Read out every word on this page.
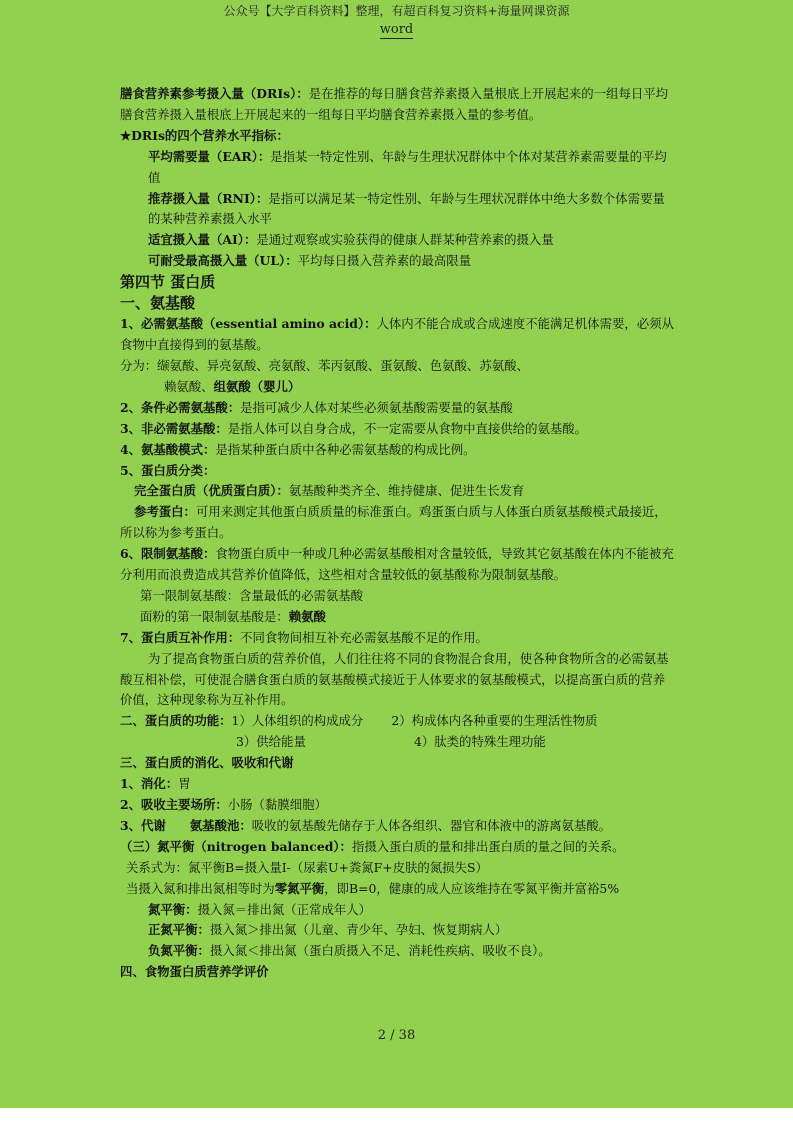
公众号【大学百科资料】整理，有超百科复习资料+海量网课资源
word

膳食营养素参考摄入量（DRIs）：是在推荐的每日膳食营养素摄入量根底上开展起来的一组每日平均膳食营养摄入量根底上开展起来的一组每日平均膳食营养素摄入量的参考值。

★DRIs的四个营养水平指标：

平均需要量（EAR）：是指某一特定性别、年龄与生理状况群体中个体对某营养素需要量的平均值

推荐摄入量（RNI）：是指可以满足某一特定性别、年龄与生理状况群体中绝大多数个体需要量的某种营养素摄入水平

适宜摄入量（AI）：是通过观察或实验获得的健康人群某种营养素的摄入量

可耐受最高摄入量（UL）：平均每日摄入营养素的最高限量

第四节 蛋白质

一、氨基酸

1、必需氨基酸（essential amino acid）：人体内不能合成或合成速度不能满足机体需要，必须从食物中直接得到的氨基酸。

分为：缬氨酸、异亮氨酸、亮氨酸、苯丙氨酸、蛋氨酸、色氨酸、苏氨酸、

赖氨酸、组氨酸（婴儿）

2、条件必需氨基酸：是指可减少人体对某些必须氨基酸需要量的氨基酸

3、非必需氨基酸：是指人体可以自身合成，不一定需要从食物中直接供给的氨基酸。

4、氨基酸模式：是指某种蛋白质中各种必需氨基酸的构成比例。

5、蛋白质分类：

完全蛋白质（优质蛋白质）：氨基酸种类齐全、维持健康、促进生长发育

参考蛋白：可用来测定其他蛋白质质量的标准蛋白。鸡蛋蛋白质与人体蛋白质氨基酸模式最接近，所以称为参考蛋白。

6、限制氨基酸：食物蛋白质中一种或几种必需氨基酸相对含量较低，导致其它氨基酸在体内不能被充分利用而浪费造成其营养价值降低，这些相对含量较低的氨基酸称为限制氨基酸。

第一限制氨基酸：含量最低的必需氨基酸

面粉的第一限制氨基酸是：赖氨酸

7、蛋白质互补作用：不同食物间相互补充必需氨基酸不足的作用。

为了提高食物蛋白质的营养价值，人们往往将不同的食物混合食用，使各种食物所含的必需氨基酸互相补偿，可使混合膳食蛋白质的氨基酸模式接近于人体要求的氨基酸模式，以提高蛋白质的营养价值，这种现象称为互补作用。

二、蛋白质的功能：1）人体组织的构成成分 2）构成体内各种重要的生理活性物质

3）供给能量	4）肽类的特殊生理功能

三、蛋白质的消化、吸收和代谢

1、消化：胃

2、吸收主要场所：小肠（黏膜细胞）

3、代谢 氨基酸池：吸收的氨基酸先储存于人体各组织、器官和体液中的游离氨基酸。

（三）氮平衡（nitrogen balanced）：指摄入蛋白质的量和排出蛋白质的量之间的关系。

关系式为：氮平衡B=摄入量I-（尿素U+粪氮F+皮肤的氮损失S）

当摄入氮和排出氮相等时为零氮平衡，即B=0，健康的成人应该维持在零氮平衡并富裕5%

氮平衡：摄入氮＝排出氮（正常成年人）

正氮平衡：摄入氮＞排出氮（儿童、青少年、孕妇、恢复期病人）

负氮平衡：摄入氮＜排出氮（蛋白质摄入不足、消耗性疾病、吸收不良）。

四、食物蛋白质营养学评价

2 / 38
